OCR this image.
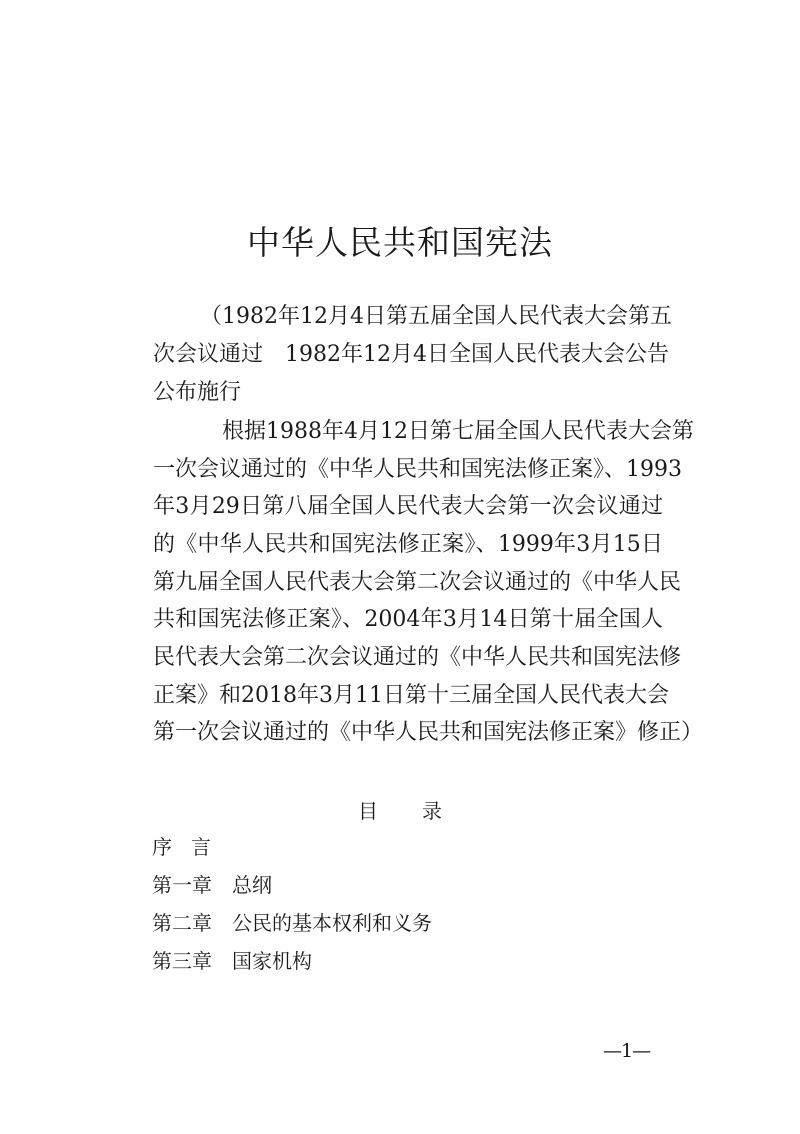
中华人民共和国宪法
（1982年12月4日第五届全国人民代表大会第五
次会议通过　1982年12月4日全国人民代表大会公告
公布施行
　根据1988年4月12日第七届全国人民代表大会第
一次会议通过的《中华人民共和国宪法修正案》、1993
年3月29日第八届全国人民代表大会第一次会议通过
的《中华人民共和国宪法修正案》、1999年3月15日
第九届全国人民代表大会第二次会议通过的《中华人民
共和国宪法修正案》、2004年3月14日第十届全国人
民代表大会第二次会议通过的《中华人民共和国宪法修
正案》和2018年3月11日第十三届全国人民代表大会
第一次会议通过的《中华人民共和国宪法修正案》修正）
目 录
序言
第一章 总纲
第二章 公民的基本权利和义务
第三章 国家机构
—1—
